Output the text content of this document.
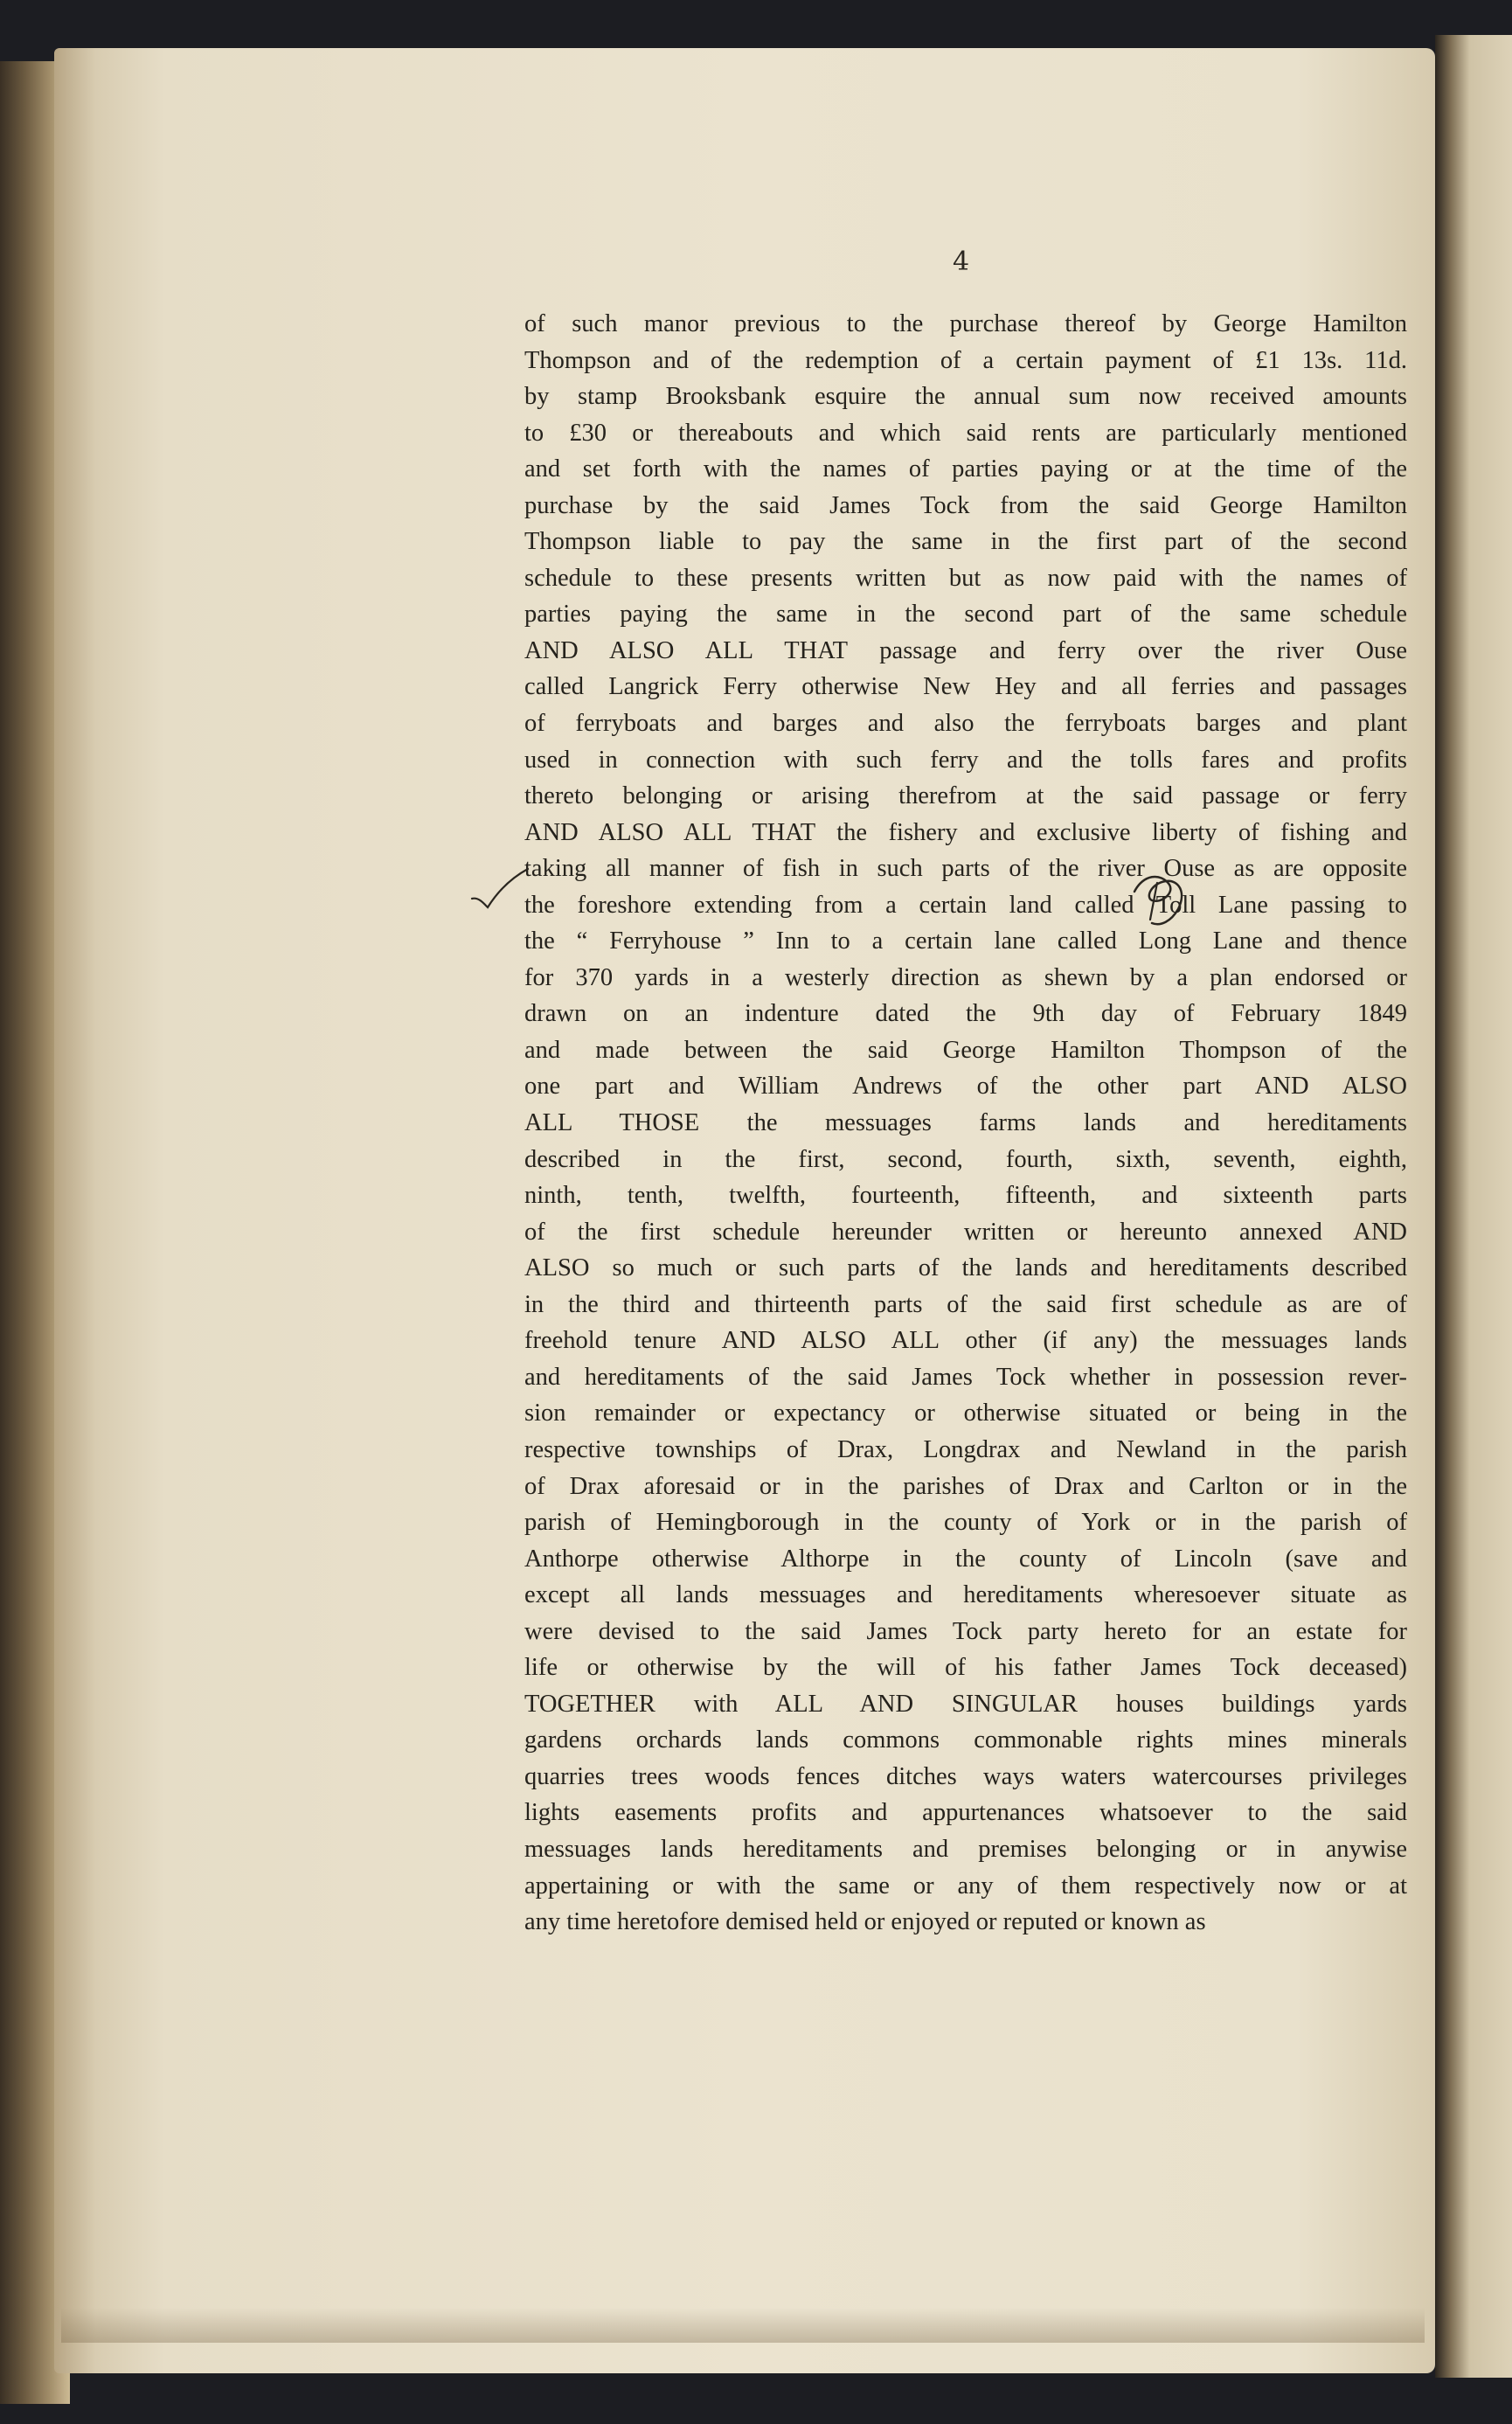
4
of such manor previous to the purchase thereof by George Hamilton
Thompson and of the redemption of a certain payment of £1 13s. 11d.
by stamp Brooksbank esquire the annual sum now received amounts
to £30 or thereabouts and which said rents are particularly mentioned
and set forth with the names of parties paying or at the time of the
purchase by the said James Tock from the said George Hamilton
Thompson liable to pay the same in the first part of the second
schedule to these presents written but as now paid with the names of
parties paying the same in the second part of the same schedule
AND ALSO ALL THAT passage and ferry over the river Ouse
called Langrick Ferry otherwise New Hey and all ferries and passages
of ferryboats and barges and also the ferryboats barges and plant
used in connection with such ferry and the tolls fares and profits
thereto belonging or arising therefrom at the said passage or ferry
AND ALSO ALL THAT the fishery and exclusive liberty of fishing and
taking all manner of fish in such parts of the river Ouse as are opposite
the foreshore extending from a certain land called Toll Lane passing to
the “ Ferryhouse ” Inn to a certain lane called Long Lane and thence
for 370 yards in a westerly direction as shewn by a plan endorsed or
drawn on an indenture dated the 9th day of February 1849
and made between the said George Hamilton Thompson of the
one part and William Andrews of the other part AND ALSO
ALL THOSE the messuages farms lands and hereditaments
described in the first, second, fourth, sixth, seventh, eighth,
ninth, tenth, twelfth, fourteenth, fifteenth, and sixteenth parts
of the first schedule hereunder written or hereunto annexed AND
ALSO so much or such parts of the lands and hereditaments described
in the third and thirteenth parts of the said first schedule as are of
freehold tenure AND ALSO ALL other (if any) the messuages lands
and hereditaments of the said James Tock whether in possession rever-
sion remainder or expectancy or otherwise situated or being in the
respective townships of Drax, Longdrax and Newland in the parish
of Drax aforesaid or in the parishes of Drax and Carlton or in the
parish of Hemingborough in the county of York or in the parish of
Anthorpe otherwise Althorpe in the county of Lincoln (save and
except all lands messuages and hereditaments wheresoever situate as
were devised to the said James Tock party hereto for an estate for
life or otherwise by the will of his father James Tock deceased)
TOGETHER with ALL AND SINGULAR houses buildings yards
gardens orchards lands commons commonable rights mines minerals
quarries trees woods fences ditches ways waters watercourses privileges
lights easements profits and appurtenances whatsoever to the said
messuages lands hereditaments and premises belonging or in anywise
appertaining or with the same or any of them respectively now or at
any time heretofore demised held or enjoyed or reputed or known as
